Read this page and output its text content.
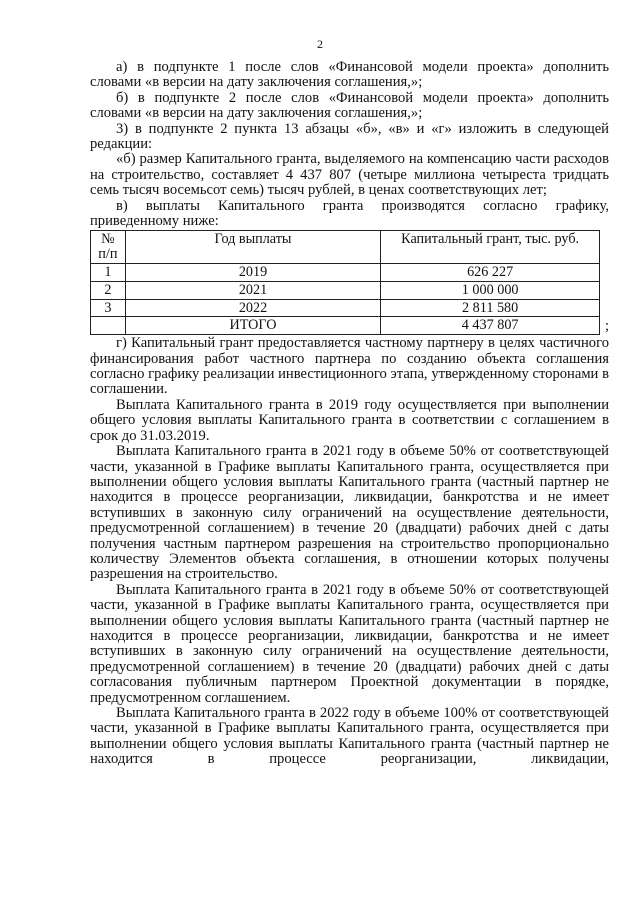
2

а) в подпункте 1 после слов «Финансовой модели проекта» дополнить словами «в версии на дату заключения соглашения,»;

б) в подпункте 2 после слов «Финансовой модели проекта» дополнить словами «в версии на дату заключения соглашения,»;

3) в подпункте 2 пункта 13 абзацы «б», «в» и «г» изложить в следующей редакции:

«б) размер Капитального гранта, выделяемого на компенсацию части расходов на строительство, составляет 4 437 807 (четыре миллиона четыреста тридцать семь тысяч восемьсот семь) тысяч рублей, в ценах соответствующих лет;

в) выплаты Капитального гранта производятся согласно графику, приведенному ниже:

№ п/п	Год выплаты	Капитальный грант, тыс. руб.
1	2019	626 227
2	2021	1 000 000
3	2022	2 811 580
	ИТОГО	4 437 807	;

г) Капитальный грант предоставляется частному партнеру в целях частичного финансирования работ частного партнера по созданию объекта соглашения согласно графику реализации инвестиционного этапа, утвержденному сторонами в соглашении.

Выплата Капитального гранта в 2019 году осуществляется при выполнении общего условия выплаты Капитального гранта в соответствии с соглашением в срок до 31.03.2019.

Выплата Капитального гранта в 2021 году в объеме 50% от соответствующей части, указанной в Графике выплаты Капитального гранта, осуществляется при выполнении общего условия выплаты Капитального гранта (частный партнер не находится в процессе реорганизации, ликвидации, банкротства и не имеет вступивших в законную силу ограничений на осуществление деятельности, предусмотренной соглашением) в течение 20 (двадцати) рабочих дней с даты получения частным партнером разрешения на строительство пропорционально количеству Элементов объекта соглашения, в отношении которых получены разрешения на строительство.

Выплата Капитального гранта в 2021 году в объеме 50% от соответствующей части, указанной в Графике выплаты Капитального гранта, осуществляется при выполнении общего условия выплаты Капитального гранта (частный партнер не находится в процессе реорганизации, ликвидации, банкротства и не имеет вступивших в законную силу ограничений на осуществление деятельности, предусмотренной соглашением) в течение 20 (двадцати) рабочих дней с даты согласования публичным партнером Проектной документации в порядке, предусмотренном соглашением.

Выплата Капитального гранта в 2022 году в объеме 100% от соответствующей части, указанной в Графике выплаты Капитального гранта, осуществляется при выполнении общего условия выплаты Капитального гранта (частный партнер не находится в процессе реорганизации, ликвидации,
